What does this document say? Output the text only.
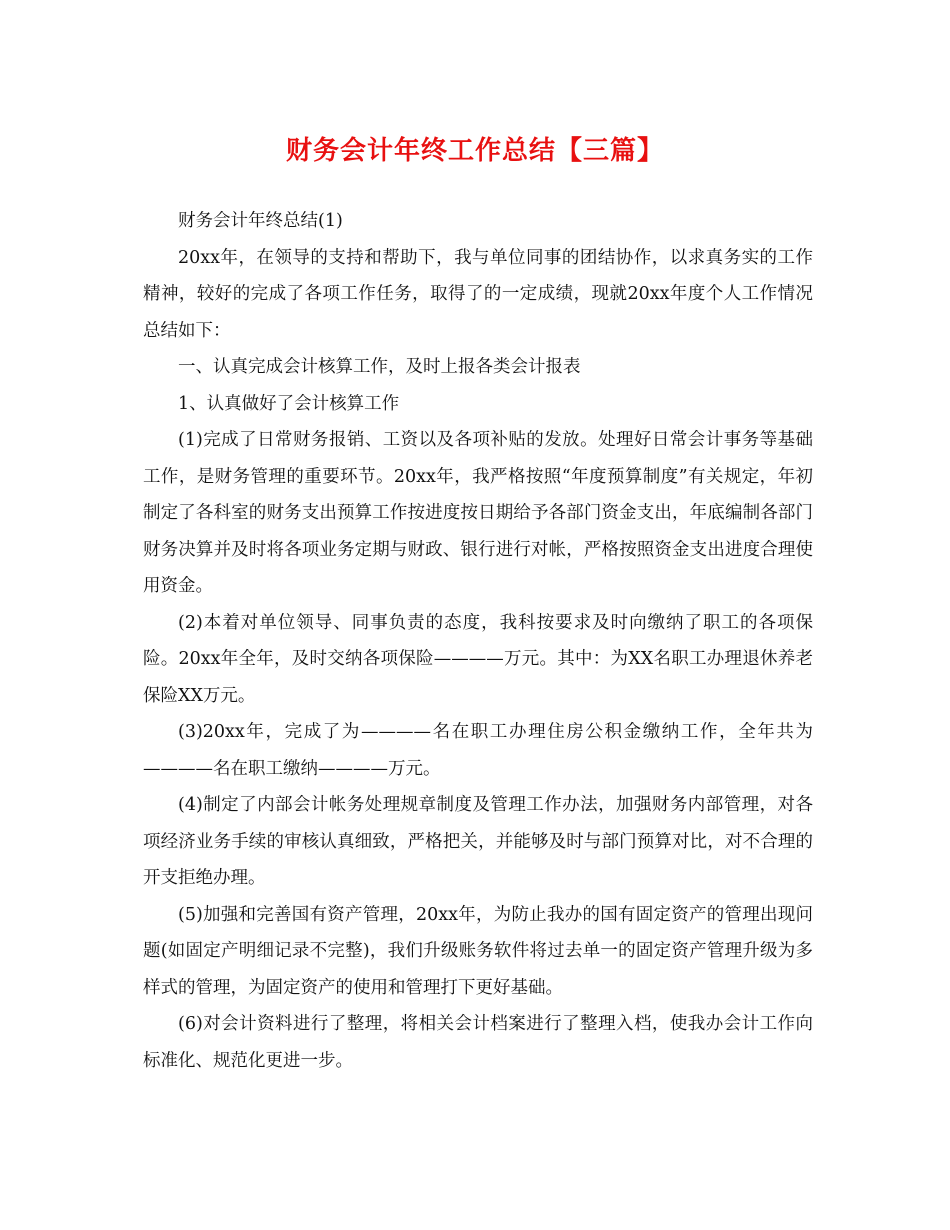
财务会计年终工作总结【三篇】

财务会计年终总结(1)

20xx年，在领导的支持和帮助下，我与单位同事的团结协作，以求真务实的工作精神，较好的完成了各项工作任务，取得了的一定成绩，现就20xx年度个人工作情况总结如下：

一、认真完成会计核算工作，及时上报各类会计报表

1、认真做好了会计核算工作

(1)完成了日常财务报销、工资以及各项补贴的发放。处理好日常会计事务等基础工作，是财务管理的重要环节。20xx年，我严格按照“年度预算制度”有关规定，年初制定了各科室的财务支出预算工作按进度按日期给予各部门资金支出，年底编制各部门财务决算并及时将各项业务定期与财政、银行进行对帐，严格按照资金支出进度合理使用资金。

(2)本着对单位领导、同事负责的态度，我科按要求及时向缴纳了职工的各项保险。20xx年全年，及时交纳各项保险————万元。其中：为XX名职工办理退休养老保险XX万元。

(3)20xx年，完成了为————名在职工办理住房公积金缴纳工作，全年共为————名在职工缴纳————万元。

(4)制定了内部会计帐务处理规章制度及管理工作办法，加强财务内部管理，对各项经济业务手续的审核认真细致，严格把关，并能够及时与部门预算对比，对不合理的开支拒绝办理。

(5)加强和完善国有资产管理，20xx年，为防止我办的国有固定资产的管理出现问题(如固定产明细记录不完整)，我们升级账务软件将过去单一的固定资产管理升级为多样式的管理，为固定资产的使用和管理打下更好基础。

(6)对会计资料进行了整理，将相关会计档案进行了整理入档，使我办会计工作向标准化、规范化更进一步。
